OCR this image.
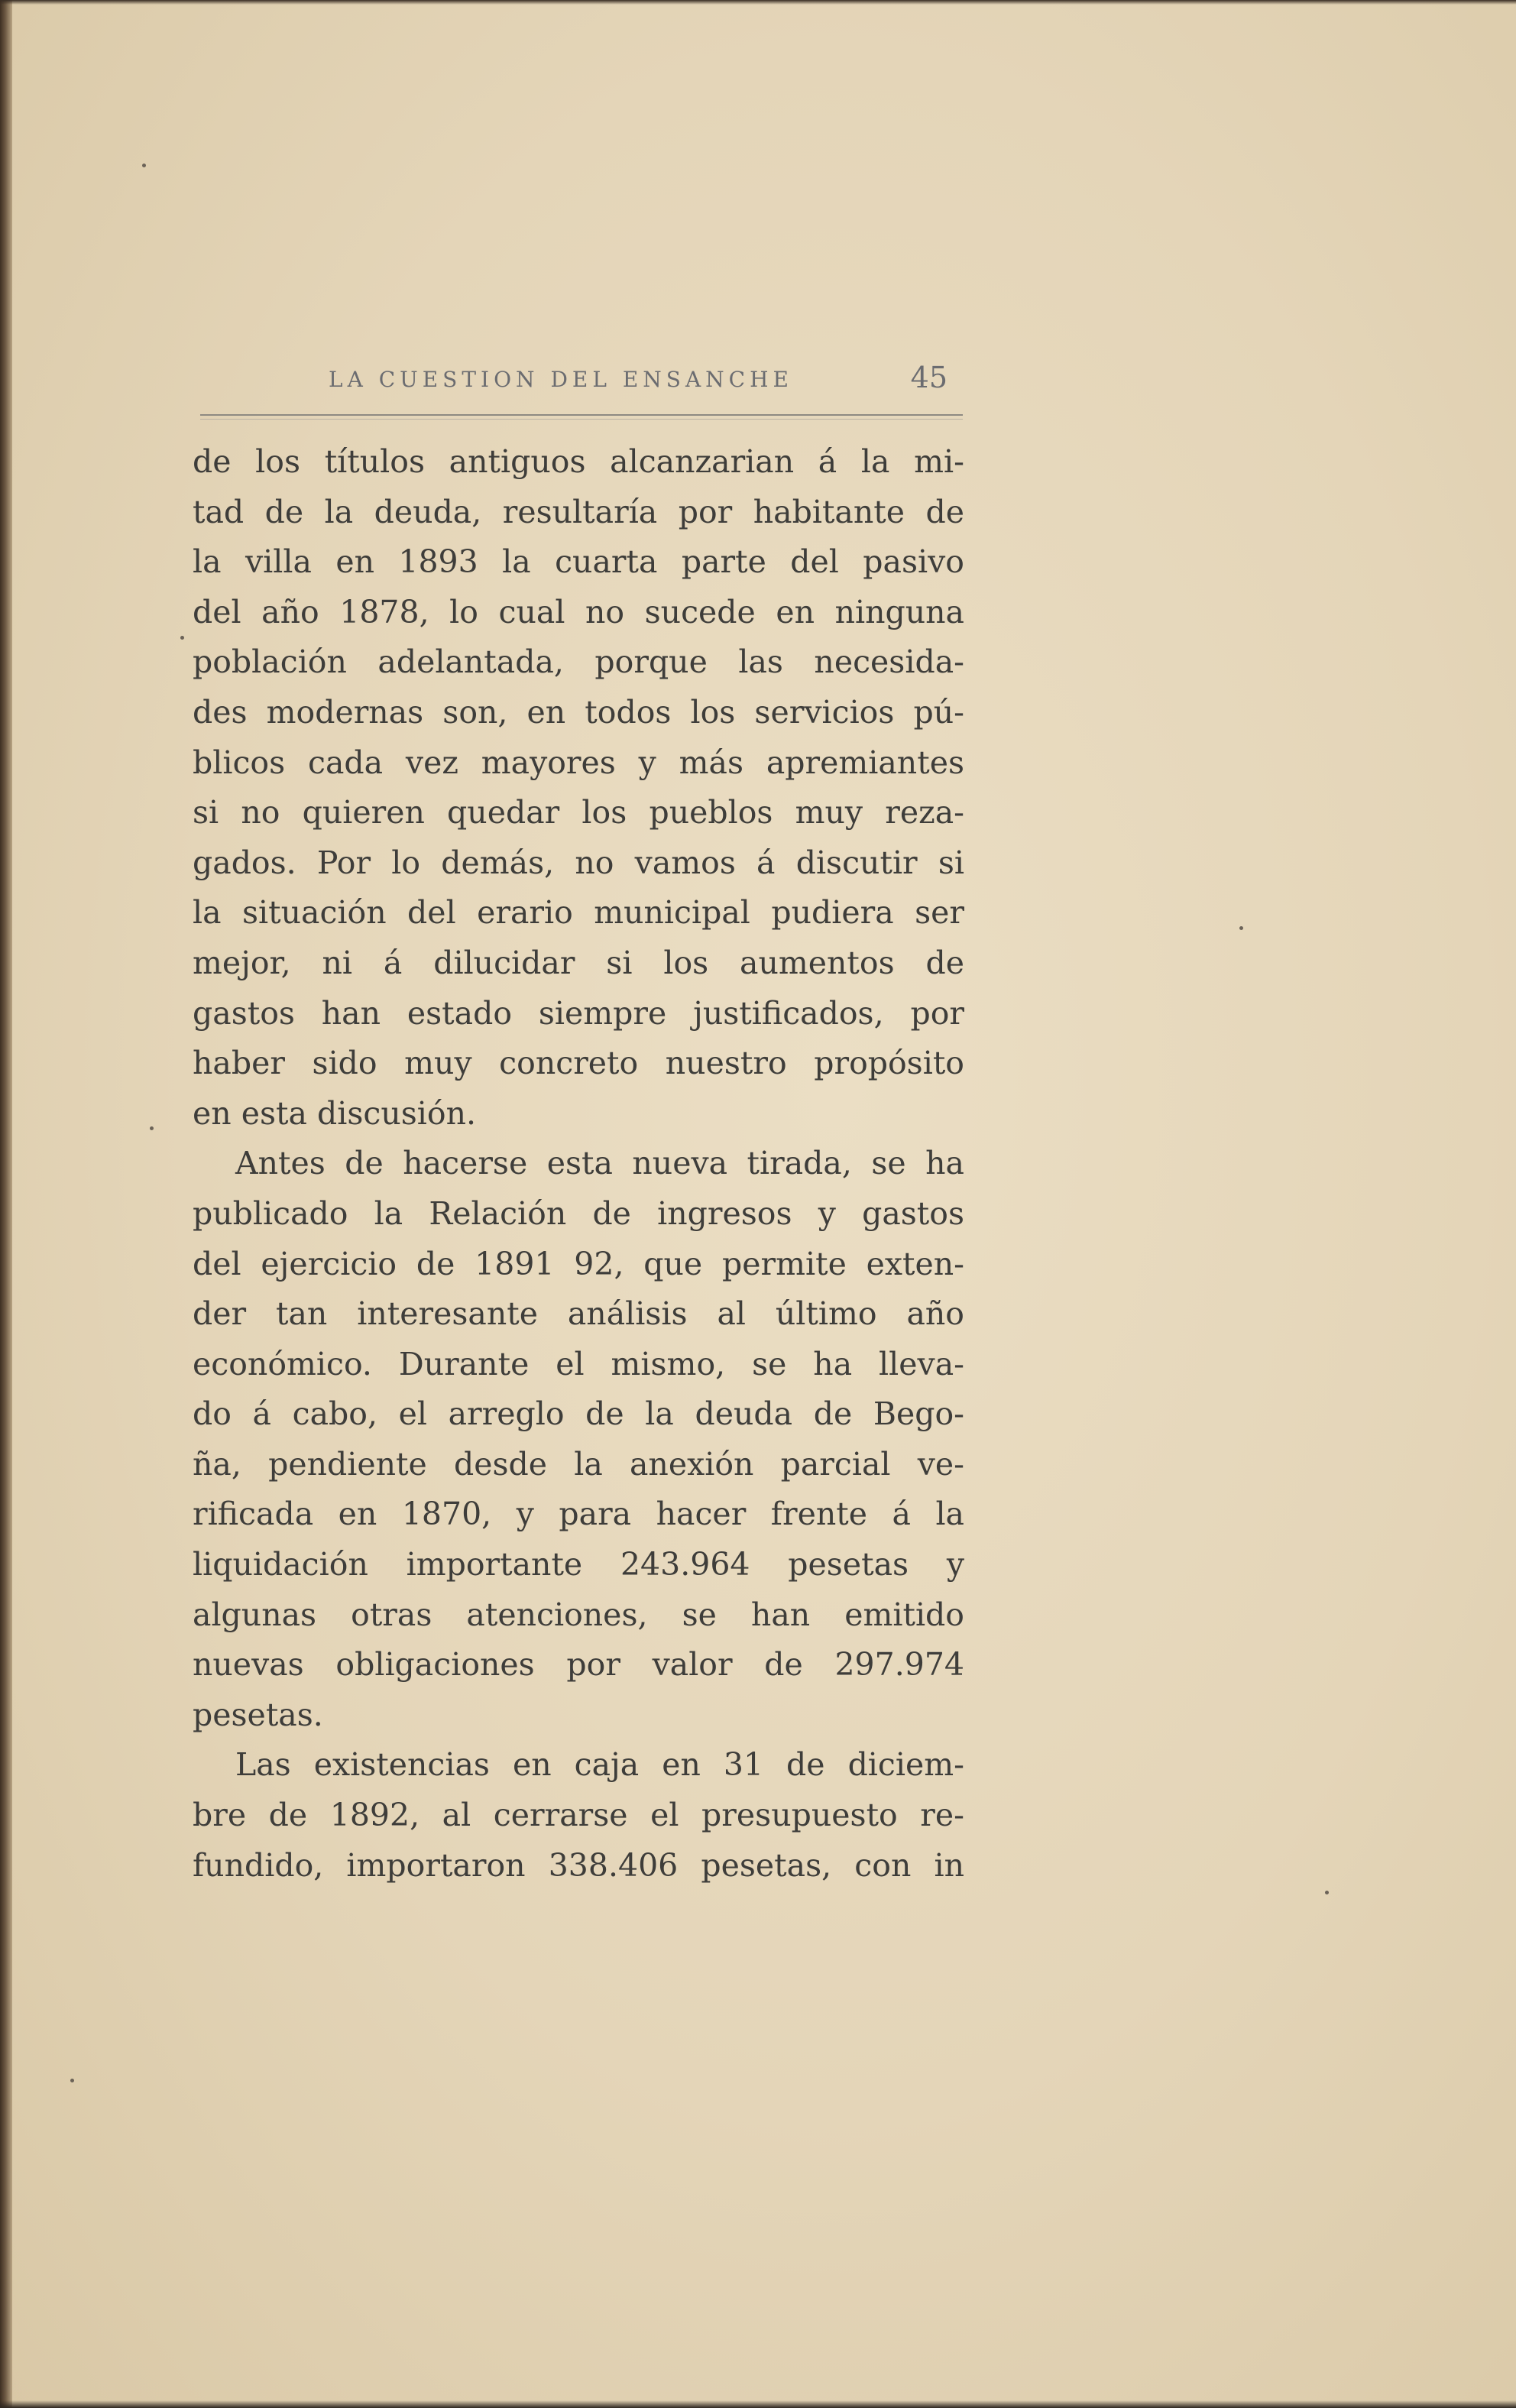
LA CUESTION DEL ENSANCHE	45
de los títulos antiguos alcanzarian á la mi-
tad de la deuda, resultaría por habitante de
la villa en 1893 la cuarta parte del pasivo
del año 1878, lo cual no sucede en ninguna
población adelantada, porque las necesida-
des modernas son, en todos los servicios pú-
blicos cada vez mayores y más apremiantes
si no quieren quedar los pueblos muy reza-
gados. Por lo demás, no vamos á discutir si
la situación del erario municipal pudiera ser
mejor, ni á dilucidar si los aumentos de
gastos han estado siempre justificados, por
haber sido muy concreto nuestro propósito
en esta discusión.
Antes de hacerse esta nueva tirada, se ha
publicado la Relación de ingresos y gastos
del ejercicio de 1891 92, que permite exten-
der tan interesante análisis al último año
económico. Durante el mismo, se ha lleva-
do á cabo, el arreglo de la deuda de Bego-
ña, pendiente desde la anexión parcial ve-
rificada en 1870, y para hacer frente á la
liquidación importante 243.964 pesetas y
algunas otras atenciones, se han emitido
nuevas obligaciones por valor de 297.974
pesetas.
Las existencias en caja en 31 de diciem-
bre de 1892, al cerrarse el presupuesto re-
fundido, importaron 338.406 pesetas, con in
